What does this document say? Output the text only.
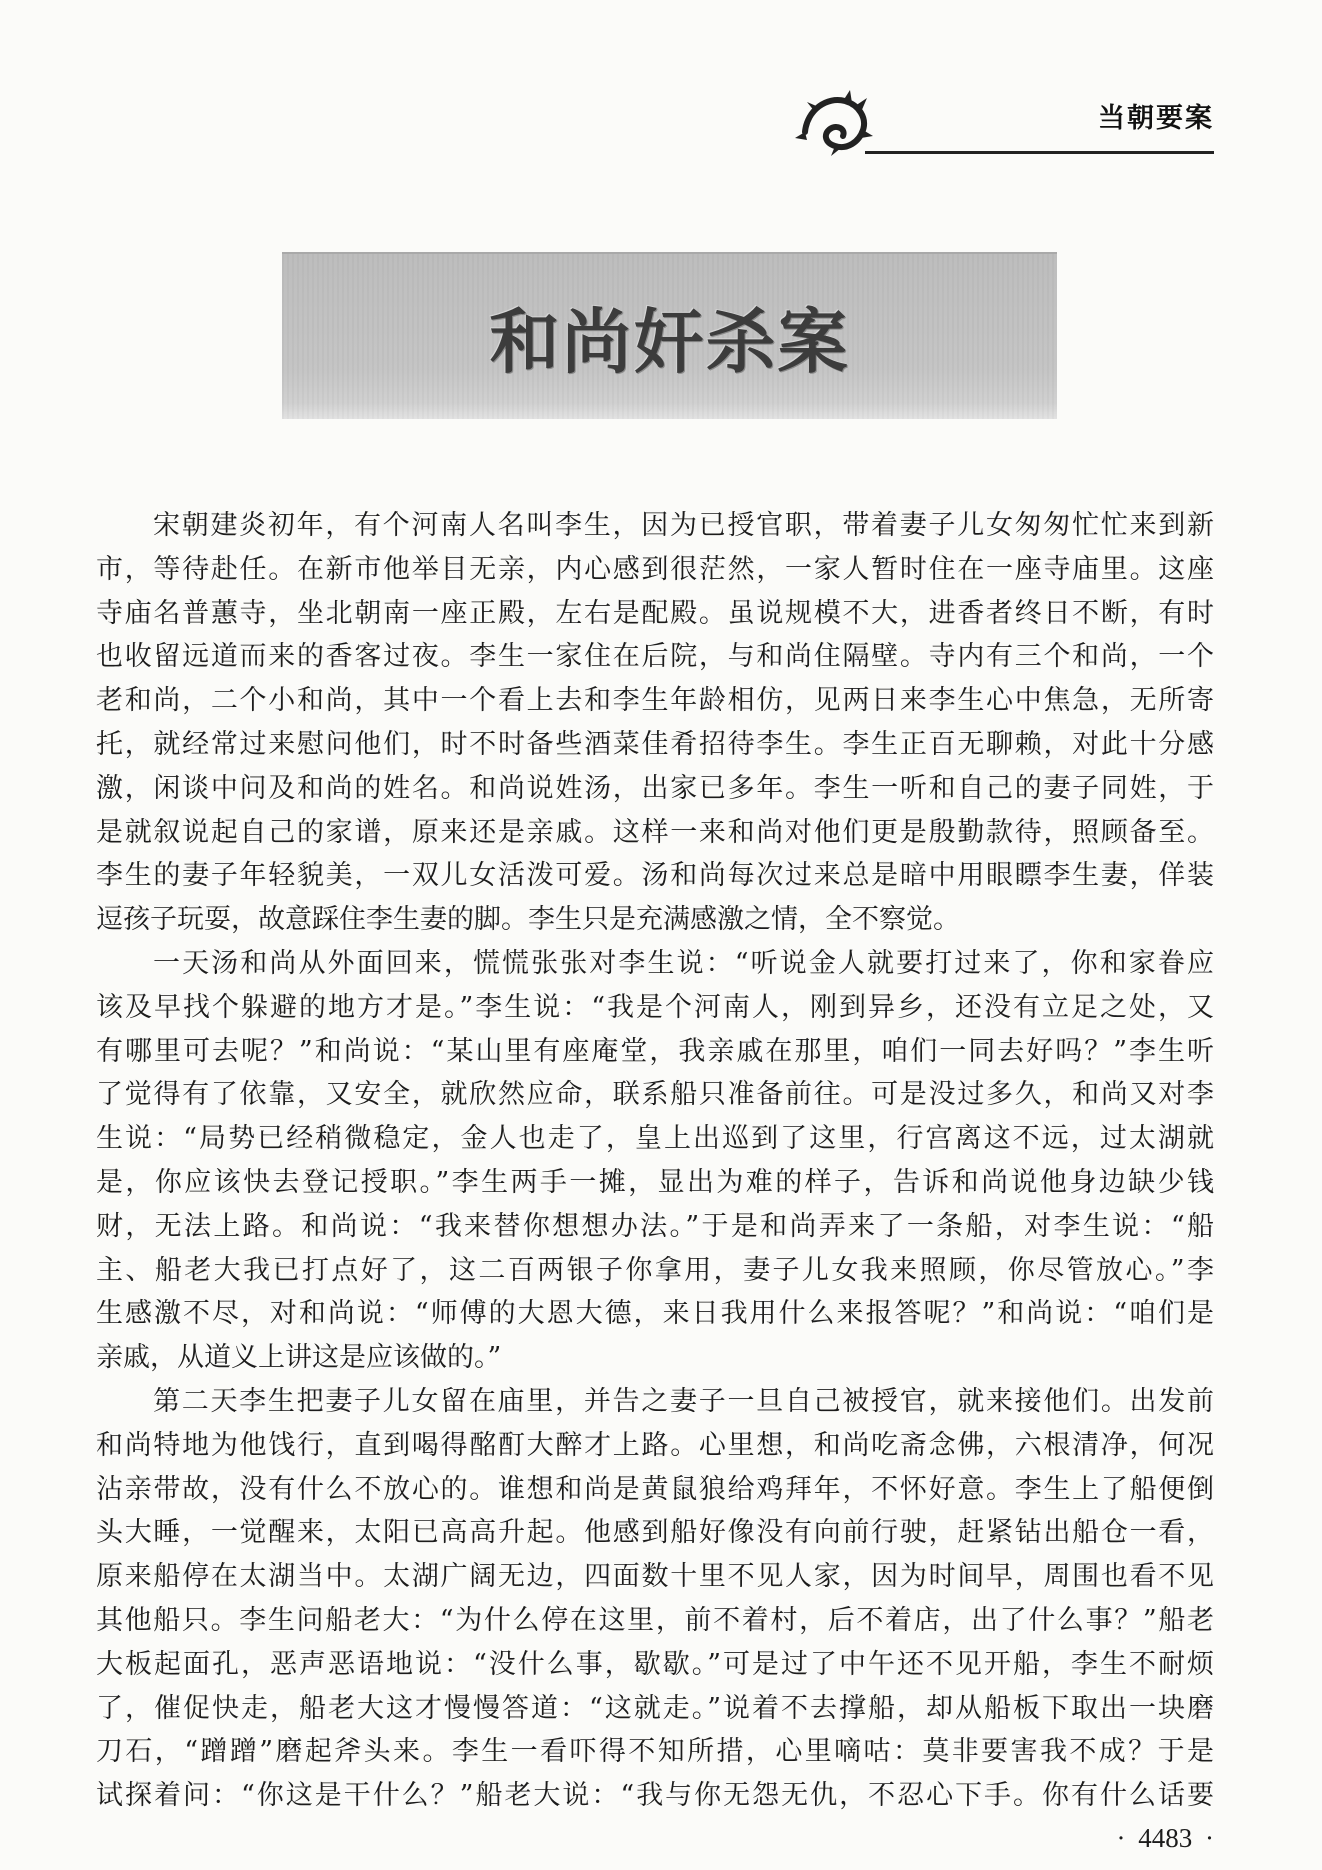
当朝要案
和尚奸杀案
宋朝建炎初年，有个河南人名叫李生，因为已授官职，带着妻子儿女匆匆忙忙来到新
市，等待赴任。在新市他举目无亲，内心感到很茫然，一家人暂时住在一座寺庙里。这座
寺庙名普蕙寺，坐北朝南一座正殿，左右是配殿。虽说规模不大，进香者终日不断，有时
也收留远道而来的香客过夜。李生一家住在后院，与和尚住隔壁。寺内有三个和尚，一个
老和尚，二个小和尚，其中一个看上去和李生年龄相仿，见两日来李生心中焦急，无所寄
托，就经常过来慰问他们，时不时备些酒菜佳肴招待李生。李生正百无聊赖，对此十分感
激，闲谈中问及和尚的姓名。和尚说姓汤，出家已多年。李生一听和自己的妻子同姓，于
是就叙说起自己的家谱，原来还是亲戚。这样一来和尚对他们更是殷勤款待，照顾备至。
李生的妻子年轻貌美，一双儿女活泼可爱。汤和尚每次过来总是暗中用眼瞟李生妻，佯装
逗孩子玩耍，故意踩住李生妻的脚。李生只是充满感激之情，全不察觉。
一天汤和尚从外面回来，慌慌张张对李生说：“听说金人就要打过来了，你和家眷应
该及早找个躲避的地方才是。”李生说：“我是个河南人，刚到异乡，还没有立足之处，又
有哪里可去呢？”和尚说：“某山里有座庵堂，我亲戚在那里，咱们一同去好吗？”李生听
了觉得有了依靠，又安全，就欣然应命，联系船只准备前往。可是没过多久，和尚又对李
生说：“局势已经稍微稳定，金人也走了，皇上出巡到了这里，行宫离这不远，过太湖就
是，你应该快去登记授职。”李生两手一摊，显出为难的样子，告诉和尚说他身边缺少钱
财，无法上路。和尚说：“我来替你想想办法。”于是和尚弄来了一条船，对李生说：“船
主、船老大我已打点好了，这二百两银子你拿用，妻子儿女我来照顾，你尽管放心。”李
生感激不尽，对和尚说：“师傅的大恩大德，来日我用什么来报答呢？”和尚说：“咱们是
亲戚，从道义上讲这是应该做的。”
第二天李生把妻子儿女留在庙里，并告之妻子一旦自己被授官，就来接他们。出发前
和尚特地为他饯行，直到喝得酩酊大醉才上路。心里想，和尚吃斋念佛，六根清净，何况
沾亲带故，没有什么不放心的。谁想和尚是黄鼠狼给鸡拜年，不怀好意。李生上了船便倒
头大睡，一觉醒来，太阳已高高升起。他感到船好像没有向前行驶，赶紧钻出船仓一看，
原来船停在太湖当中。太湖广阔无边，四面数十里不见人家，因为时间早，周围也看不见
其他船只。李生问船老大：“为什么停在这里，前不着村，后不着店，出了什么事？”船老
大板起面孔，恶声恶语地说：“没什么事，歇歇。”可是过了中午还不见开船，李生不耐烦
了，催促快走，船老大这才慢慢答道：“这就走。”说着不去撑船，却从船板下取出一块磨
刀石，“蹭蹭”磨起斧头来。李生一看吓得不知所措，心里嘀咕：莫非要害我不成？于是
试探着问：“你这是干什么？”船老大说：“我与你无怨无仇，不忍心下手。你有什么话要
· 4483 ·
